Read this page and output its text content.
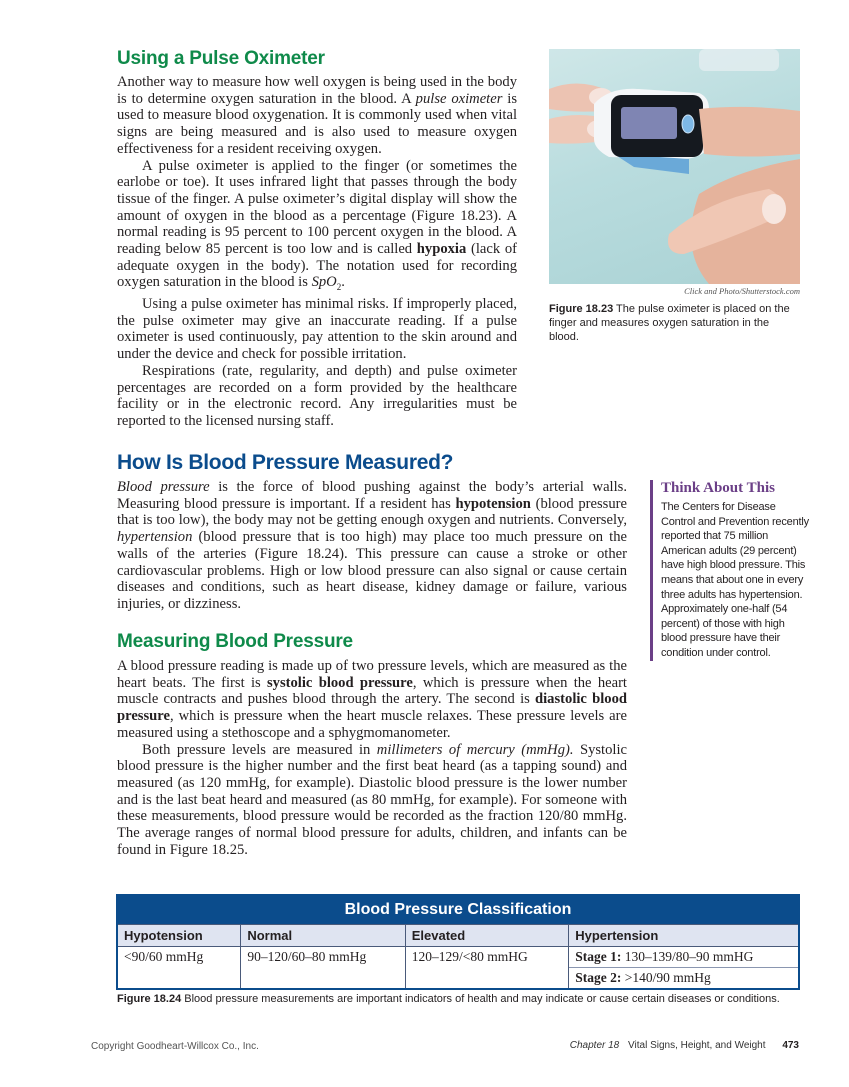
Using a Pulse Oximeter

Another way to measure how well oxygen is being used in the body is to determine oxygen saturation in the blood. A pulse oximeter is used to measure blood oxygenation. It is commonly used when vital signs are being measured and is also used to measure oxygen effectiveness for a resident receiving oxygen.

A pulse oximeter is applied to the finger (or sometimes the earlobe or toe). It uses infrared light that passes through the body tissue of the finger. A pulse oximeter’s digital display will show the amount of oxygen in the blood as a percentage (Figure 18.23). A normal reading is 95 percent to 100 percent oxygen in the blood. A reading below 85 percent is too low and is called hypoxia (lack of adequate oxygen in the body). The notation used for recording oxygen saturation in the blood is SpO$_2$.

Using a pulse oximeter has minimal risks. If improperly placed, the pulse oximeter may give an inaccurate reading. If a pulse oximeter is used continuously, pay attention to the skin around and under the device and check for possible irritation.

Respirations (rate, regularity, and depth) and pulse oximeter percentages are recorded on a form provided by the healthcare facility or in the electronic record. Any irregularities must be reported to the licensed nursing staff.

Click and Photo/Shutterstock.com
Figure 18.23 The pulse oximeter is placed on the finger and measures oxygen saturation in the blood.
How Is Blood Pressure Measured?

Blood pressure is the force of blood pushing against the body’s arterial walls. Measuring blood pressure is important. If a resident has hypotension (blood pressure that is too low), the body may not be getting enough oxygen and nutrients. Conversely, hypertension (blood pressure that is too high) may place too much pressure on the walls of the arteries (Figure 18.24). This pressure can cause a stroke or other cardiovascular problems. High or low blood pressure can also signal or cause certain diseases and conditions, such as heart disease, kidney damage or failure, various injuries, or dizziness.

Think About This
The Centers for Disease Control and Prevention recently reported that 75 million American adults (29 percent) have high blood pressure. This means that about one in every three adults has hypertension. Approximately one-half (54 percent) of those with high blood pressure have their condition under control.
Measuring Blood Pressure

A blood pressure reading is made up of two pressure levels, which are measured as the heart beats. The first is systolic blood pressure, which is pressure when the heart muscle contracts and pushes blood through the artery. The second is diastolic blood pressure, which is pressure when the heart muscle relaxes. These pressure levels are measured using a stethoscope and a sphygmomanometer.

Both pressure levels are measured in millimeters of mercury (mmHg). Systolic blood pressure is the higher number and the first beat heard (as a tapping sound) and measured (as 120 mmHg, for example). Diastolic blood pressure is the lower number and is the last beat heard and measured (as 80 mmHg, for example). For someone with these measurements, blood pressure would be recorded as the fraction 120/80 mmHg. The average ranges of normal blood pressure for adults, children, and infants can be found in Figure 18.25.

Blood Pressure Classification			
Hypotension	Normal	Elevated	Hypertension
<90/60 mmHg	90–120/60–80 mmHg	120–129/<80 mmHG	Stage 1: 130–139/80–90 mmHG
			Stage 2: >140/90 mmHg
Figure 18.24 Blood pressure measurements are important indicators of health and may indicate or cause certain diseases or conditions.
Copyright Goodheart-Willcox Co., Inc.	Chapter 18 Vital Signs, Height, and Weight 473
